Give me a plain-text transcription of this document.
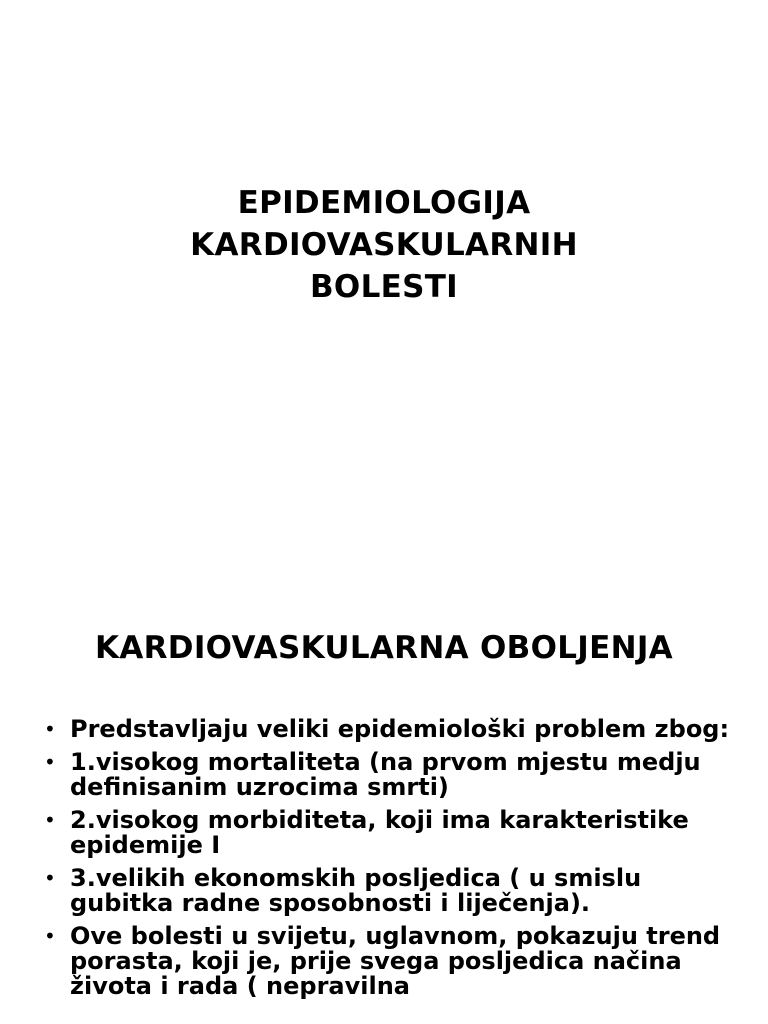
EPIDEMIOLOGIJA
KARDIOVASKULARNIH
BOLESTI
KARDIOVASKULARNA OBOLJENJA
• Predstavljaju veliki epidemiološki problem zbog:
• 1.visokog mortaliteta (na prvom mjestu medju definisanim uzrocima smrti)
• 2.visokog morbiditeta, koji ima karakteristike epidemije I
• 3.velikih ekonomskih posljedica ( u smislu gubitka radne sposobnosti i liječenja).
• Ove bolesti u svijetu, uglavnom, pokazuju trend porasta, koji je, prije svega posljedica načina života i rada ( nepravilna
